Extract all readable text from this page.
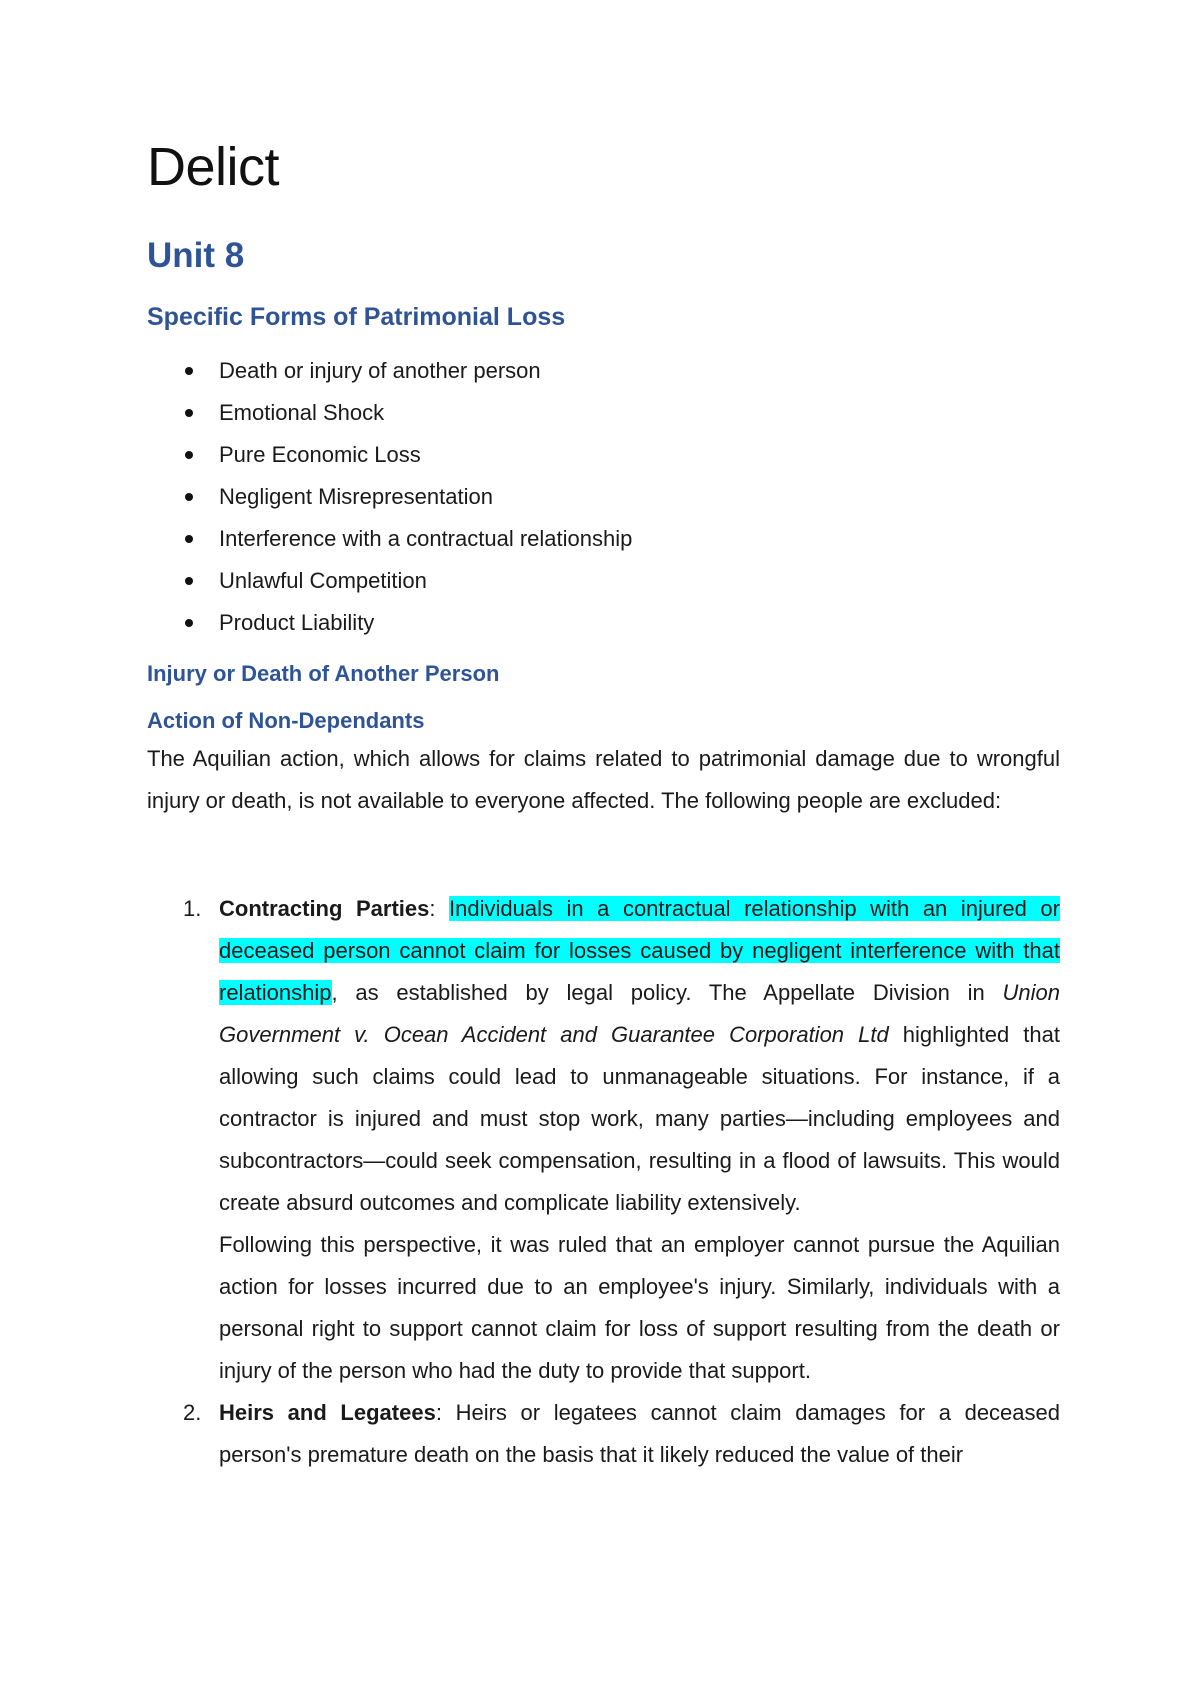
Delict
Unit 8
Specific Forms of Patrimonial Loss
Death or injury of another person
Emotional Shock
Pure Economic Loss
Negligent Misrepresentation
Interference with a contractual relationship
Unlawful Competition
Product Liability
Injury or Death of Another Person
Action of Non-Dependants

The Aquilian action, which allows for claims related to patrimonial damage due to wrongful injury or death, is not available to everyone affected. The following people are excluded:

1. Contracting Parties: Individuals in a contractual relationship with an injured or deceased person cannot claim for losses caused by negligent interference with that relationship, as established by legal policy. The Appellate Division in Union Government v. Ocean Accident and Guarantee Corporation Ltd highlighted that allowing such claims could lead to unmanageable situations. For instance, if a contractor is injured and must stop work, many parties—including employees and subcontractors—could seek compensation, resulting in a flood of lawsuits. This would create absurd outcomes and complicate liability extensively.

Following this perspective, it was ruled that an employer cannot pursue the Aquilian action for losses incurred due to an employee's injury. Similarly, individuals with a personal right to support cannot claim for loss of support resulting from the death or injury of the person who had the duty to provide that support.

2. Heirs and Legatees: Heirs or legatees cannot claim damages for a deceased person's premature death on the basis that it likely reduced the value of their
